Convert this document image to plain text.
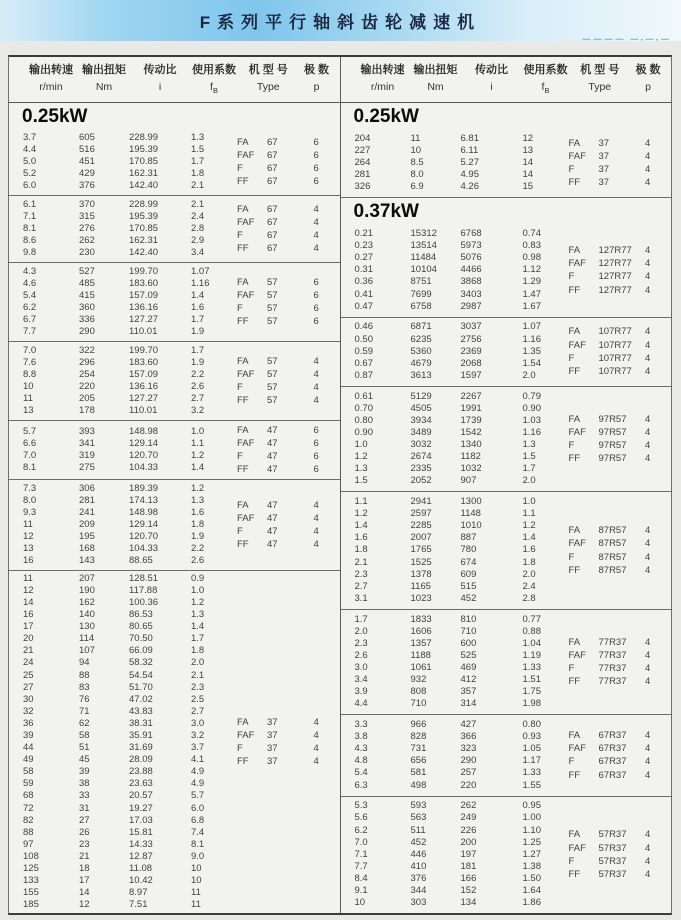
F系列平行轴斜齿轮减速机
－－－－ －·－·－
输出转速 输出扭矩	传动比	使用系数	机 型 号	极 数
r/min	Nm	i	$f_B$	Type	p
0.25kW
3.7	605	228.99	1.3
4.4	516	195.39	1.5
5.0	451	170.85	1.7
5.2	429	162.31	1.8
6.0	376	142.40	2.1
FA	67	6
FAF	67	6
F	67	6
FF	67	6
6.1	370	228.99	2.1
7.1	315	195.39	2.4
8.1	276	170.85	2.8
8.6	262	162.31	2.9
9.8	230	142.40	3.4
FA	67	4
FAF	67	4
F	67	4
FF	67	4
4.3	527	199.70	1.07
4.6	485	183.60	1.16
5.4	415	157.09	1.4
6.2	360	136.16	1.6
6.7	336	127.27	1.7
7.7	290	110.01	1.9
FA	57	6
FAF	57	6
F	57	6
FF	57	6
7.0	322	199.70	1.7
7.6	296	183.60	1.9
8.8	254	157.09	2.2
10	220	136.16	2.6
11	205	127.27	2.7
13	178	110.01	3.2
FA	57	4
FAF	57	4
F	57	4
FF	57	4
5.7	393	148.98	1.0
6.6	341	129.14	1.1
7.0	319	120.70	1.2
8.1	275	104.33	1.4
FA	47	6
FAF	47	6
F	47	6
FF	47	6
7.3	306	189.39	1.2
8.0	281	174.13	1.3
9.3	241	148.98	1.6
11	209	129.14	1.8
12	195	120.70	1.9
13	168	104.33	2.2
16	143	88.65	2.6
FA	47	4
FAF	47	4
F	47	4
FF	47	4
11	207	128.51	0.9
12	190	117.88	1.0
14	162	100.36	1.2
16	140	86.53	1.3
17	130	80.65	1.4
20	114	70.50	1.7
21	107	66.09	1.8
24	94	58.32	2.0
25	88	54.54	2.1
27	83	51.70	2.3
30	76	47.02	2.5
32	71	43.83	2.7
36	62	38.31	3.0
39	58	35.91	3.2
44	51	31.69	3.7
49	45	28.09	4.1
58	39	23.88	4.9
59	38	23.63	4.9
68	33	20.57	5.7
72	31	19.27	6.0
82	27	17.03	6.8
88	26	15.81	7.4
97	23	14.33	8.1
108	21	12.87	9.0
125	18	11.08	10
133	17	10.42	10
155	14	8.97	11
185	12	7.51	11
FA	37	4
FAF	37	4
F	37	4
FF	37	4
输出转速 输出扭矩	传动比	使用系数	机 型 号	极 数
r/min	Nm	i	$f_B$	Type	p
0.25kW
204	11	6.81	12
227	10	6.11	13
264	8.5	5.27	14
281	8.0	4.95	14
326	6.9	4.26	15
FA	37	4
FAF	37	4
F	37	4
FF	37	4
0.37kW
0.21	15312	6768	0.74
0.23	13514	5973	0.83
0.27	11484	5076	0.98
0.31	10104	4466	1.12
0.36	8751	3868	1.29
0.41	7699	3403	1.47
0.47	6758	2987	1.67
FA	127R77	4
FAF	127R77	4
F	127R77	4
FF	127R77	4
0.46	6871	3037	1.07
0.50	6235	2756	1.16
0.59	5360	2369	1.35
0.67	4679	2068	1.54
0.87	3613	1597	2.0
FA	107R77	4
FAF	107R77	4
F	107R77	4
FF	107R77	4
0.61	5129	2267	0.79
0.70	4505	1991	0.90
0.80	3934	1739	1.03
0.90	3489	1542	1.16
1.0	3032	1340	1.3
1.2	2674	1182	1.5
1.3	2335	1032	1.7
1.5	2052	907	2.0
FA	97R57	4
FAF	97R57	4
F	97R57	4
FF	97R57	4
1.1	2941	1300	1.0
1.2	2597	1148	1.1
1.4	2285	1010	1.2
1.6	2007	887	1.4
1.8	1765	780	1.6
2.1	1525	674	1.8
2.3	1378	609	2.0
2.7	1165	515	2.4
3.1	1023	452	2.8
FA	87R57	4
FAF	87R57	4
F	87R57	4
FF	87R57	4
1.7	1833	810	0.77
2.0	1606	710	0.88
2.3	1357	600	1.04
2.6	1188	525	1.19
3.0	1061	469	1.33
3.4	932	412	1.51
3.9	808	357	1.75
4.4	710	314	1.98
FA	77R37	4
FAF	77R37	4
F	77R37	4
FF	77R37	4
3.3	966	427	0.80
3.8	828	366	0.93
4.3	731	323	1.05
4.8	656	290	1.17
5.4	581	257	1.33
6.3	498	220	1.55
FA	67R37	4
FAF	67R37	4
F	67R37	4
FF	67R37	4
5.3	593	262	0.95
5.6	563	249	1.00
6.2	511	226	1.10
7.0	452	200	1.25
7.1	446	197	1.27
7.7	410	181	1.38
8.4	376	166	1.50
9.1	344	152	1.64
10	303	134	1.86
FA	57R37	4
FAF	57R37	4
F	57R37	4
FF	57R37	4
